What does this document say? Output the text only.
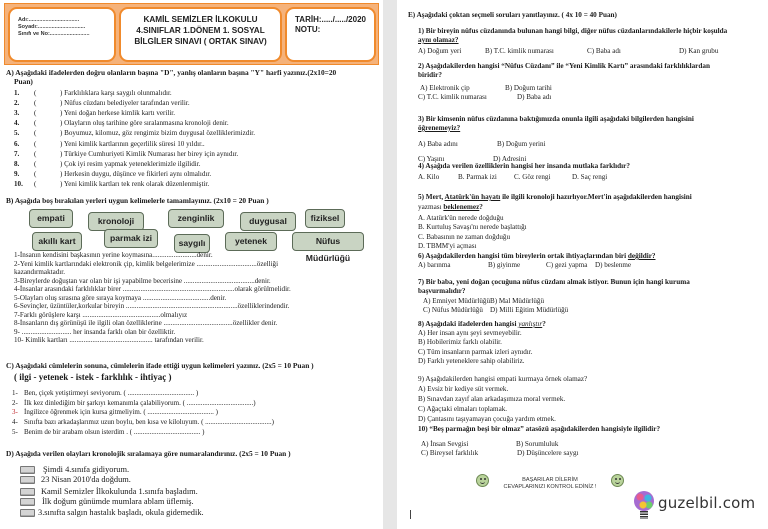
Adı:.................................
Soyadı:...............................
Sınıfı ve No:..........................
KAMİL SEMİZLER İLKOKULU
4.SINIFLAR 1.DÖNEM 1. SOSYAL
BİLGİLER SINAVI ( ORTAK SINAV)
TARİH:...../...../2020
NOTU:
A) Aşağıdaki ifadelerden doğru olanların başına "D", yanlış olanların başına "Y" harfi yazınız.(2x10=20
Puan)
1. (	) Farklılıklara karşı saygılı olunmalıdır.
2. (	) Nüfus cüzdanı belediyeler tarafından verilir.
3. (	) Yeni doğan herkese kimlik kartı verilir.
4. (	) Olayların oluş tarihine göre sıralanmasına kronoloji denir.
5. (	) Boyumuz, kilomuz, göz rengimiz bizim duygusal özelliklerimizdir.
6. (	) Yeni kimlik kartlarının geçerlilik süresi 10 yıldır..
7. (	) Türkiye Cumhuriyeti Kimlik Numarası her birey için aynıdır.
8. (	) Çok iyi resim yapmak yeteneklerimizle ilgilidir.
9. (	) Herkesin duygu, düşünce ve fikirleri aynı olmalıdır.
10. (	) Yeni kimlik kartları tek renk olarak düzenlenmiştir.
B) Aşağıda boş bırakılan yerleri uygun kelimelerle tamamlayınız. (2x10 = 20 Puan )
empati	kronoloji	zenginlik	duygusal	fiziksel
akıllı kart	parmak izi	saygılı	yetenek	Nüfus Müdürlüğü
1-İnsanın kendisini başkasının yerine koymasına.........................denir.
2-Yeni kimlik kartlarındaki elektronik çip, kimlik belgelerimize ..................................özelliği
kazandırmaktadır.
3-Bireylerde doğuştan var olan bir işi yapabilme becerisine ........................................denir.
4-İnsanlar arasındaki farklılıklar birer ...............................................................olarak görülmelidir.
5-Olayları oluş sırasına göre sıraya koymaya ......................................denir.
6-Sevinçler, üzüntüler,korkular bireyin ...............................................................özelliklerindendir.
7-Farklı görüşlere karşı ............................................olmalıyız
8-İnsanların dış görünüşü ile ilgili olan özelliklerine .......................................özellikler denir.
9- ............................ her insanda farklı olan bir özelliktir.
10- Kimlik kartları ............................................... tarafından verilir.
C) Aşağıdaki cümlelerin sonuna, cümlelerin ifade ettiği uygun kelimeleri yazınız. (2x5 = 10 Puan )
( ilgi - yetenek - istek - farklılık - ihtiyaç )
1- Ben, çiçek yetiştirmeyi seviyorum. ( ...................................... )
2- İlk kez dinlediğim bir şarkıyı kemanımla çalabiliyorum. ( ......................................)
3- İngilizce öğrenmek için kursa gitmeliyim. ( ...................................... )
4- Sınıfta bazı arkadaşlarımız uzun boylu, ben kısa ve kiloluyum. ( ......................................)
5- Benim de bir arabam olsun isterdim . ( ...................................... )
D) Aşağıda verilen olayları kronolojik sıralamaya göre numaralandırınız. (2x5 = 10 Puan )
Şimdi 4.sınıfa gidiyorum.
23 Nisan 2010'da doğdum.
Kamil Semizler İlkokulunda 1.sınıfa başladım.
İlk doğum günümde mumlara ablam üflemiş.
3.sınıfta salgın hastalık başladı, okula gidemedik.
E) Aşağıdaki çoktan seçmeli soruları yanıtlayınız. ( 4x 10 = 40 Puan)
1) Bir bireyin nüfus cüzdanında bulunan hangi bilgi, diğer nüfus cüzdanlarındakilerle hiçbir koşulda
aynı olamaz?
A) Doğum yeri	B) T.C. kimlik numarası	C) Baba adı	D) Kan grubu
2) Aşağıdakilerden hangisi “Nüfus Cüzdanı” ile “Yeni Kimlik Kartı” arasındaki farklılıklardan
biridir?
A) Elektronik çip	B) Doğum tarihi
C) T.C. kimlik numarası	D) Baba adı
3) Bir kimsenin nüfus cüzdanına baktığımızda onunla ilgili aşağıdaki bilgilerden hangisini
öğrenemeyiz?
A) Baba adını	B) Doğum yerini
C) Yaşını	D) Adresini
4) Aşağıda verilen özelliklerin hangisi her insanda mutlaka farklıdır?
A. Kilo	B. Parmak izi C. Göz rengi	D. Saç rengi
5) Mert, Atatürk'ün hayatı ile ilgili kronoloji hazırlıyor.Mert'in aşağıdakilerden hangisini
yazması beklenemez?
A. Atatürk'ün nerede doğduğu
B. Kurtuluş Savaşı'nı nerede başlattığı
C. Babasının ne zaman doğduğu
D. TBMM'yi açması
6) Aşağıdakilerden hangisi tüm bireylerin ortak ihtiyaçlarından biri değildir?
A) barınma	B) giyinme	C) gezi yapma D) beslenme
7) Bir baba, yeni doğan çocuğuna nüfus cüzdanı almak istiyor. Bunun için hangi kuruma
başvurmalıdır?
A) Emniyet Müdürlüğü B) Mal Müdürlüğü
C) Nüfus Müdürlüğü D) Milli Eğitim Müdürlüğü
8) Aşağıdaki ifadelerden hangisi yanlıştır?
A) Her insan aynı şeyi sevmeyebilir.
B) Hobilerimiz farklı olabilir.
C) Tüm insanların parmak izleri aynıdır.
D) Farklı yeteneklere sahip olabiliriz.
9) Aşağıdakilerden hangisi empati kurmaya örnek olamaz?
A) Evsiz bir kediye süt vermek.
B) Sınavdan zayıf alan arkadaşımıza moral vermek.
C) Ağaçtaki elmaları toplamak.
D) Çantasını taşıyamayan çocuğa yardım etmek.
10) “Beş parmağın beşi bir olmaz” atasözü aşağıdakilerden hangisiyle ilgilidir?
A) İnsan Sevgisi	B) Sorumluluk
C) Bireysel farklılık	D) Düşüncelere saygı
BAŞARILAR DİLERİM
CEVAPLARINIZI KONTROL EDİNİZ !
guzelbil.com
